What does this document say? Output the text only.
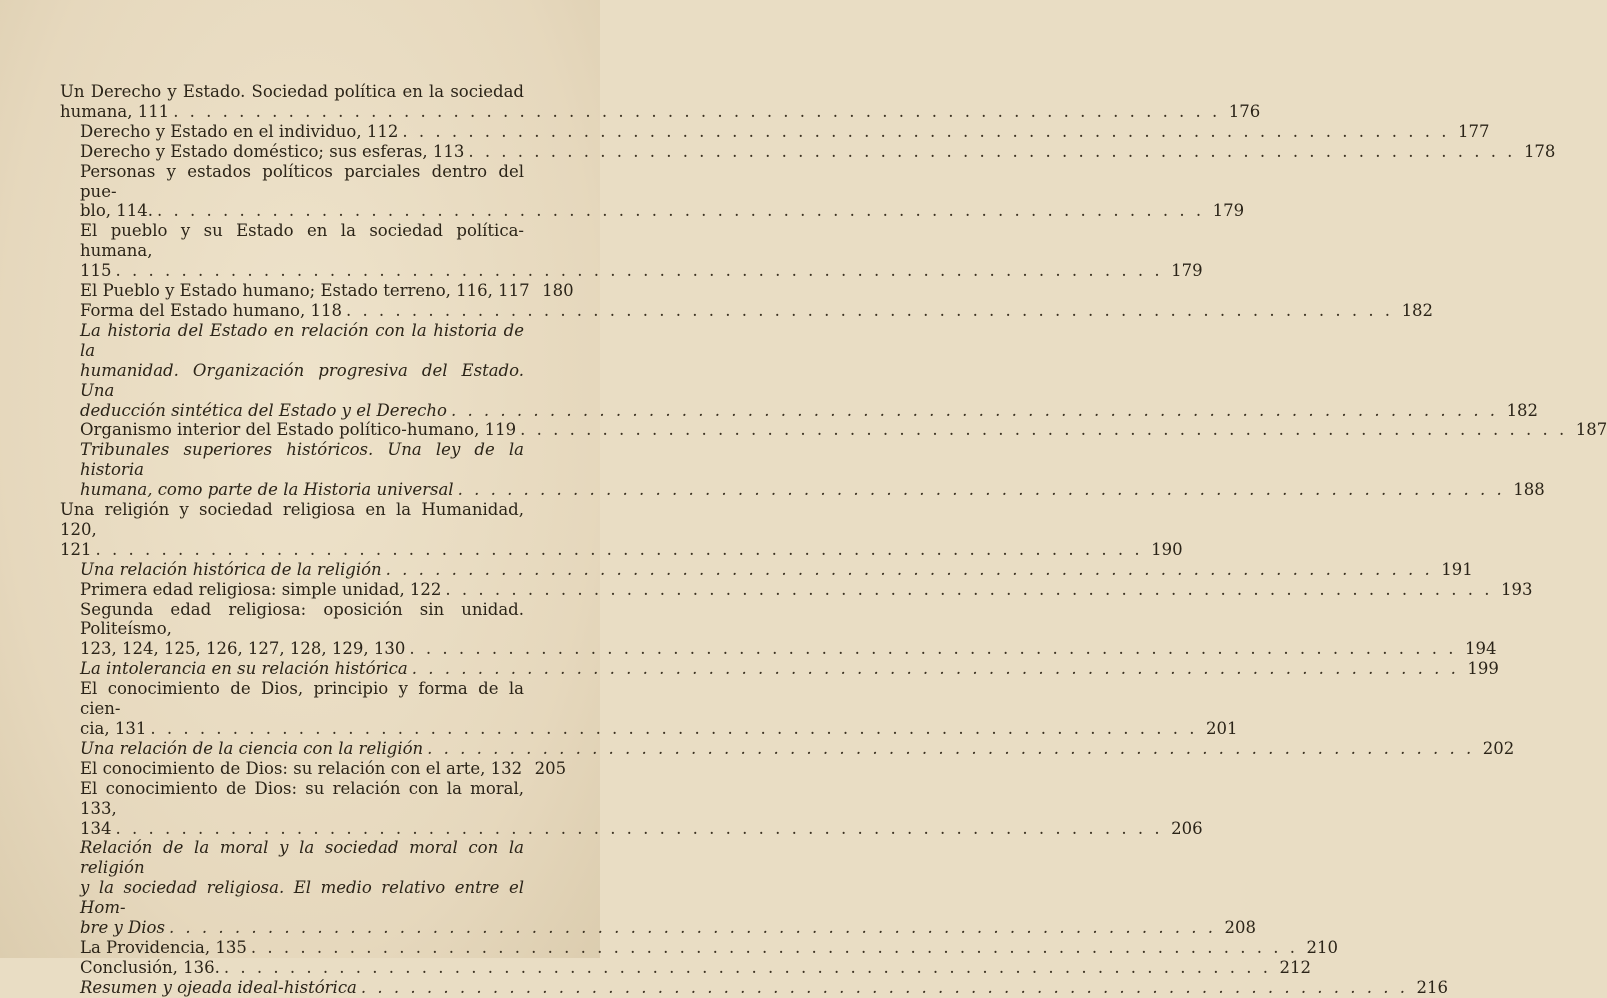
Un Derecho y Estado. Sociedad política en la sociedad
humana, 111 . . . . . . . . . . . . . . . . . . . . . . . . . . . . . . . . . . . . . . . . . . . . . . . . . . . . . . . . . . . . . . . . 176
Derecho y Estado en el individuo, 112 . . . . . . . . . . . . . . . . . . . . . . . . . . . . . . . . . . . . . . . . . . . . . . . . . . . . . . . . . . . . . . . . 177
Derecho y Estado doméstico; sus esferas, 113 . . . . . . . . . . . . . . . . . . . . . . . . . . . . . . . . . . . . . . . . . . . . . . . . . . . . . . . . . . . . . . . . 178
Personas y estados políticos parciales dentro del pue-
blo, 114. . . . . . . . . . . . . . . . . . . . . . . . . . . . . . . . . . . . . . . . . . . . . . . . . . . . . . . . . . . . . . . . . 179
El pueblo y su Estado en la sociedad política-humana,
115 . . . . . . . . . . . . . . . . . . . . . . . . . . . . . . . . . . . . . . . . . . . . . . . . . . . . . . . . . . . . . . . . 179
El Pueblo y Estado humano; Estado terreno, 116, 117 180
Forma del Estado humano, 118 . . . . . . . . . . . . . . . . . . . . . . . . . . . . . . . . . . . . . . . . . . . . . . . . . . . . . . . . . . . . . . . . 182
La historia del Estado en relación con la historia de la
humanidad. Organización progresiva del Estado. Una
deducción sintética del Estado y el Derecho . . . . . . . . . . . . . . . . . . . . . . . . . . . . . . . . . . . . . . . . . . . . . . . . . . . . . . . . . . . . . . . . 182
Organismo interior del Estado político-humano, 119 . . . . . . . . . . . . . . . . . . . . . . . . . . . . . . . . . . . . . . . . . . . . . . . . . . . . . . . . . . . . . . . . 187
Tribunales superiores históricos. Una ley de la historia
humana, como parte de la Historia universal . . . . . . . . . . . . . . . . . . . . . . . . . . . . . . . . . . . . . . . . . . . . . . . . . . . . . . . . . . . . . . . . 188
Una religión y sociedad religiosa en la Humanidad, 120,
121 . . . . . . . . . . . . . . . . . . . . . . . . . . . . . . . . . . . . . . . . . . . . . . . . . . . . . . . . . . . . . . . . 190
Una relación histórica de la religión . . . . . . . . . . . . . . . . . . . . . . . . . . . . . . . . . . . . . . . . . . . . . . . . . . . . . . . . . . . . . . . . 191
Primera edad religiosa: simple unidad, 122 . . . . . . . . . . . . . . . . . . . . . . . . . . . . . . . . . . . . . . . . . . . . . . . . . . . . . . . . . . . . . . . . 193
Segunda edad religiosa: oposición sin unidad. Politeísmo,
123, 124, 125, 126, 127, 128, 129, 130 . . . . . . . . . . . . . . . . . . . . . . . . . . . . . . . . . . . . . . . . . . . . . . . . . . . . . . . . . . . . . . . . 194
La intolerancia en su relación histórica . . . . . . . . . . . . . . . . . . . . . . . . . . . . . . . . . . . . . . . . . . . . . . . . . . . . . . . . . . . . . . . . 199
El conocimiento de Dios, principio y forma de la cien-
cia, 131 . . . . . . . . . . . . . . . . . . . . . . . . . . . . . . . . . . . . . . . . . . . . . . . . . . . . . . . . . . . . . . . . 201
Una relación de la ciencia con la religión . . . . . . . . . . . . . . . . . . . . . . . . . . . . . . . . . . . . . . . . . . . . . . . . . . . . . . . . . . . . . . . . 202
El conocimiento de Dios: su relación con el arte, 132 205
El conocimiento de Dios: su relación con la moral, 133,
134 . . . . . . . . . . . . . . . . . . . . . . . . . . . . . . . . . . . . . . . . . . . . . . . . . . . . . . . . . . . . . . . . 206
Relación de la moral y la sociedad moral con la religión
y la sociedad religiosa. El medio relativo entre el Hom-
bre y Dios . . . . . . . . . . . . . . . . . . . . . . . . . . . . . . . . . . . . . . . . . . . . . . . . . . . . . . . . . . . . . . . . 208
La Providencia, 135 . . . . . . . . . . . . . . . . . . . . . . . . . . . . . . . . . . . . . . . . . . . . . . . . . . . . . . . . . . . . . . . . 210
Conclusión, 136. . . . . . . . . . . . . . . . . . . . . . . . . . . . . . . . . . . . . . . . . . . . . . . . . . . . . . . . . . . . . . . . . 212
Resumen y ojeada ideal-histórica . . . . . . . . . . . . . . . . . . . . . . . . . . . . . . . . . . . . . . . . . . . . . . . . . . . . . . . . . . . . . . . . 216
